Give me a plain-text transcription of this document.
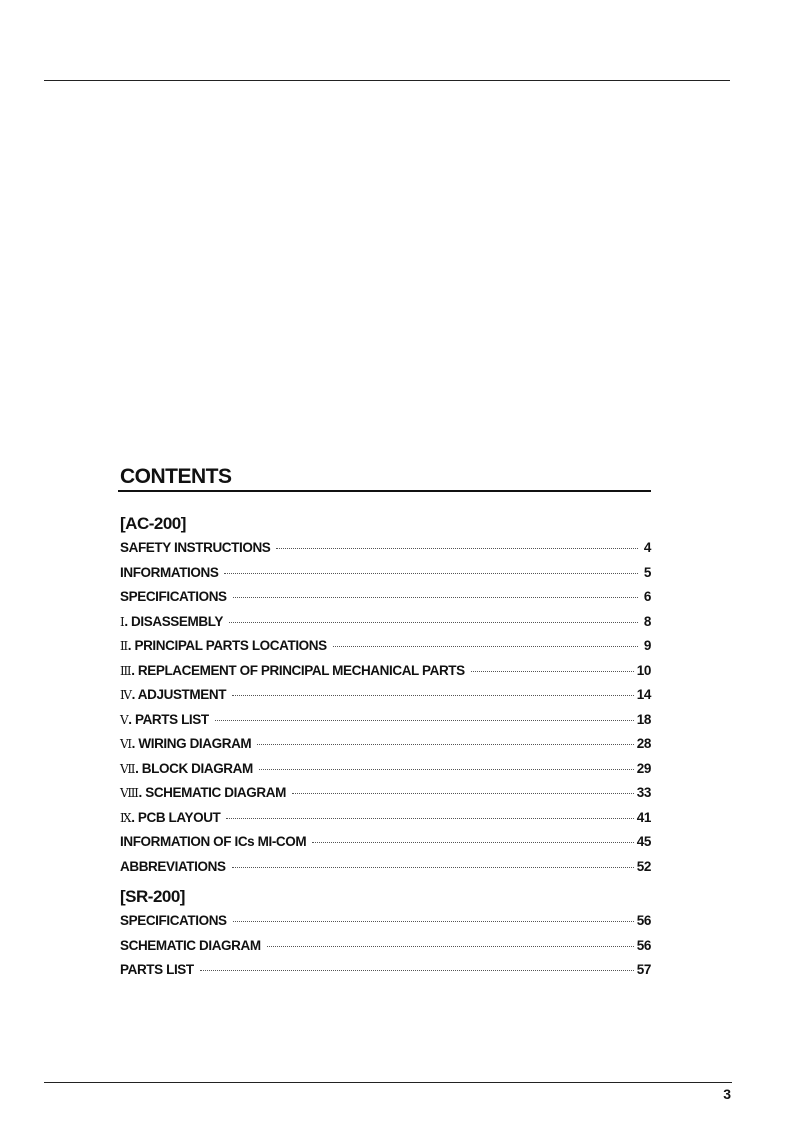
CONTENTS
[AC-200]
SAFETY INSTRUCTIONS	4
INFORMATIONS	5
SPECIFICATIONS	6
Ⅰ. DISASSEMBLY	8
Ⅱ. PRINCIPAL PARTS LOCATIONS	9
Ⅲ. REPLACEMENT OF PRINCIPAL MECHANICAL PARTS	10
Ⅳ. ADJUSTMENT	14
Ⅴ. PARTS LIST	18
Ⅵ. WIRING DIAGRAM	28
Ⅶ. BLOCK DIAGRAM	29
Ⅷ. SCHEMATIC DIAGRAM	33
Ⅸ. PCB LAYOUT	41
INFORMATION OF ICs MI-COM	45
ABBREVIATIONS	52
[SR-200]
SPECIFICATIONS	56
SCHEMATIC DIAGRAM	56
PARTS LIST	57
3
